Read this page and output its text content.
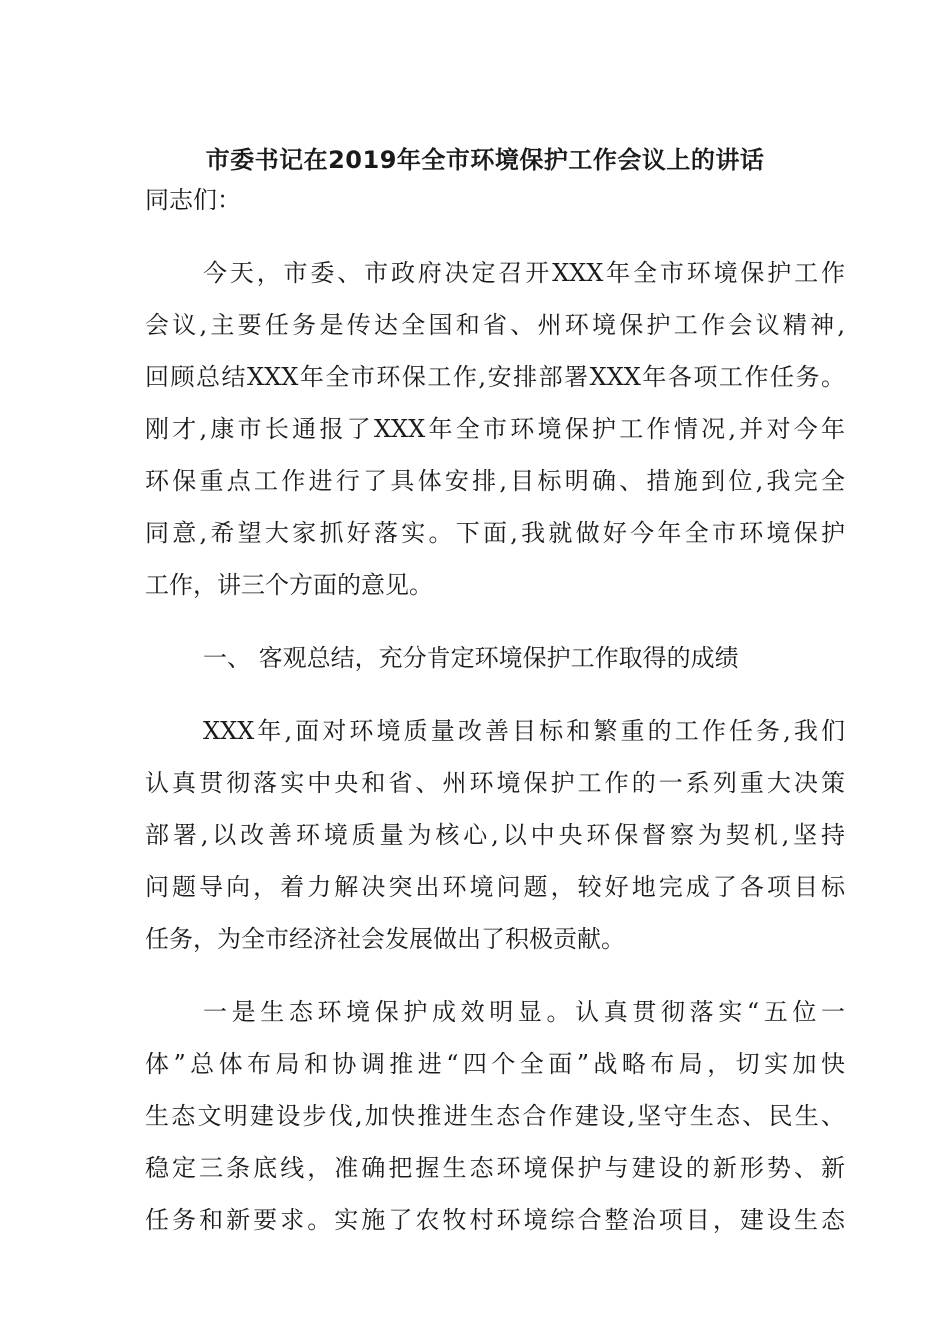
市委书记在2019年全市环境保护工作会议上的讲话

同志们：

今天，市委、市政府决定召开XXX年全市环境保护工作
会议,主要任务是传达全国和省、州环境保护工作会议精神,
回顾总结XXX年全市环保工作,安排部署XXX年各项工作任务。
刚才,康市长通报了XXX年全市环境保护工作情况,并对今年
环保重点工作进行了具体安排,目标明确、措施到位,我完全
同意,希望大家抓好落实。下面,我就做好今年全市环境保护
工作，讲三个方面的意见。
一、 客观总结，充分肯定环境保护工作取得的成绩
XXX年,面对环境质量改善目标和繁重的工作任务,我们
认真贯彻落实中央和省、州环境保护工作的一系列重大决策
部署,以改善环境质量为核心,以中央环保督察为契机,坚持
问题导向，着力解决突出环境问题，较好地完成了各项目标
任务，为全市经济社会发展做出了积极贡献。
一是生态环境保护成效明显。认真贯彻落实“五位一
体”总体布局和协调推进“四个全面”战略布局，切实加快
生态文明建设步伐,加快推进生态合作建设,坚守生态、民生、
稳定三条底线，准确把握生态环境保护与建设的新形势、新
任务和新要求。实施了农牧村环境综合整治项目，建设生态
